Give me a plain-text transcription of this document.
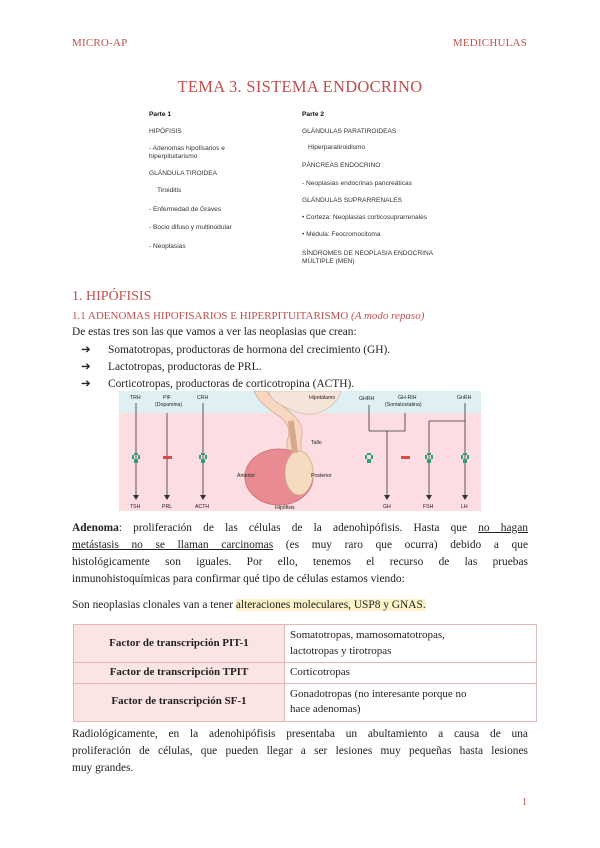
MICRO-AP	MEDICHULAS
TEMA 3. SISTEMA ENDOCRINO
Parte 1
HIPÓFISIS
- Adenomas hipofisarios e
hiperpituitarismo
GLÁNDULA TIROIDEA
Tiroiditis
- Enfermedad de Graves
- Bocio difuso y multinodular
- Neoplasias
Parte 2
GLÁNDULAS PARATIROIDEAS
Hiperparatiroidismo
PÁNCREAS ENDOCRINO
- Neoplasias endocrinas pancreáticas
GLÁNDULAS SUPRARRENALES
• Corteza: Neoplasias corticosuprarrenales
• Médula: Feocromocitoma
SÍNDROMES DE NEOPLASIA ENDOCRINA
MÚLTIPLE (MEN)
1. HIPÓFISIS
1.1 ADENOMAS HIPOFISARIOS E HIPERPITUITARISMO (A modo repaso)
De estas tres son las que vamos a ver las neoplasias que crean:
➔ Somatotropas, productoras de hormona del crecimiento (GH).
➔ Lactotropas, productoras de PRL.
➔ Corticotropas, productoras de corticotropina (ACTH).
TRH	PIF
(Dopamina)
CRH	GHRH	GH-RIH
(Somatostatina)
GnRH
TSH	PRL	ACTH	GH	FSH	LH
Hipotálamo
Tallo
Anterior	Posterior
Hipófisis
Adenoma: proliferación de las células de la adenohipófisis. Hasta que no hagan
metástasis no se llaman carcinomas (es muy raro que ocurra) debido a que
histológicamente son iguales. Por ello, tenemos el recurso de las pruebas
inmunohistoquímicas para confirmar qué tipo de células estamos viendo:
Son neoplasias clonales van a tener alteraciones moleculares, USP8 y GNAS.
Factor de transcripción PIT-1	Somatotropas, mamosomatotropas,
lactotropas y tirotropas
Factor de transcripción TPIT	Corticotropas
Factor de transcripción SF-1	Gonadotropas (no interesante porque no
hace adenomas)
Radiológicamente, en la adenohipófisis presentaba un abultamiento a causa de una
proliferación de células, que pueden llegar a ser lesiones muy pequeñas hasta lesiones
muy grandes.
1
